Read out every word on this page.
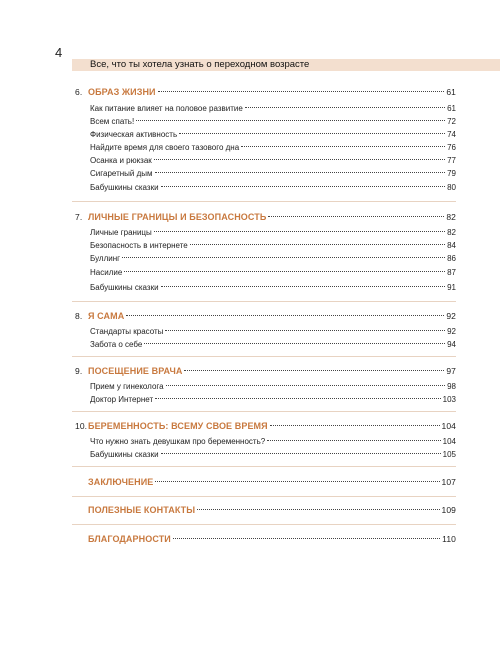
4
Все, что ты хотела узнать о переходном возрасте
6. ОБРАЗ ЖИЗНИ	61
Как питание влияет на половое развитие	61
Всем спать!	72
Физическая активность	74
Найдите время для своего тазового дна	76
Осанка и рюкзак	77
Сигаретный дым	79
Бабушкины сказки	80
7. ЛИЧНЫЕ ГРАНИЦЫ И БЕЗОПАСНОСТЬ	82
Личные границы	82
Безопасность в интернете	84
Буллинг	86
Насилие	87
Бабушкины сказки	91
8. Я САМА	92
Стандарты красоты	92
Забота о себе	94
9. ПОСЕЩЕНИЕ ВРАЧА	97
Прием у гинеколога	98
Доктор Интернет	103
10. БЕРЕМЕННОСТЬ: ВСЕМУ СВОЕ ВРЕМЯ	104
Что нужно знать девушкам про беременность?	104
Бабушкины сказки	105
ЗАКЛЮЧЕНИЕ	107
ПОЛЕЗНЫЕ КОНТАКТЫ	109
БЛАГОДАРНОСТИ	110
